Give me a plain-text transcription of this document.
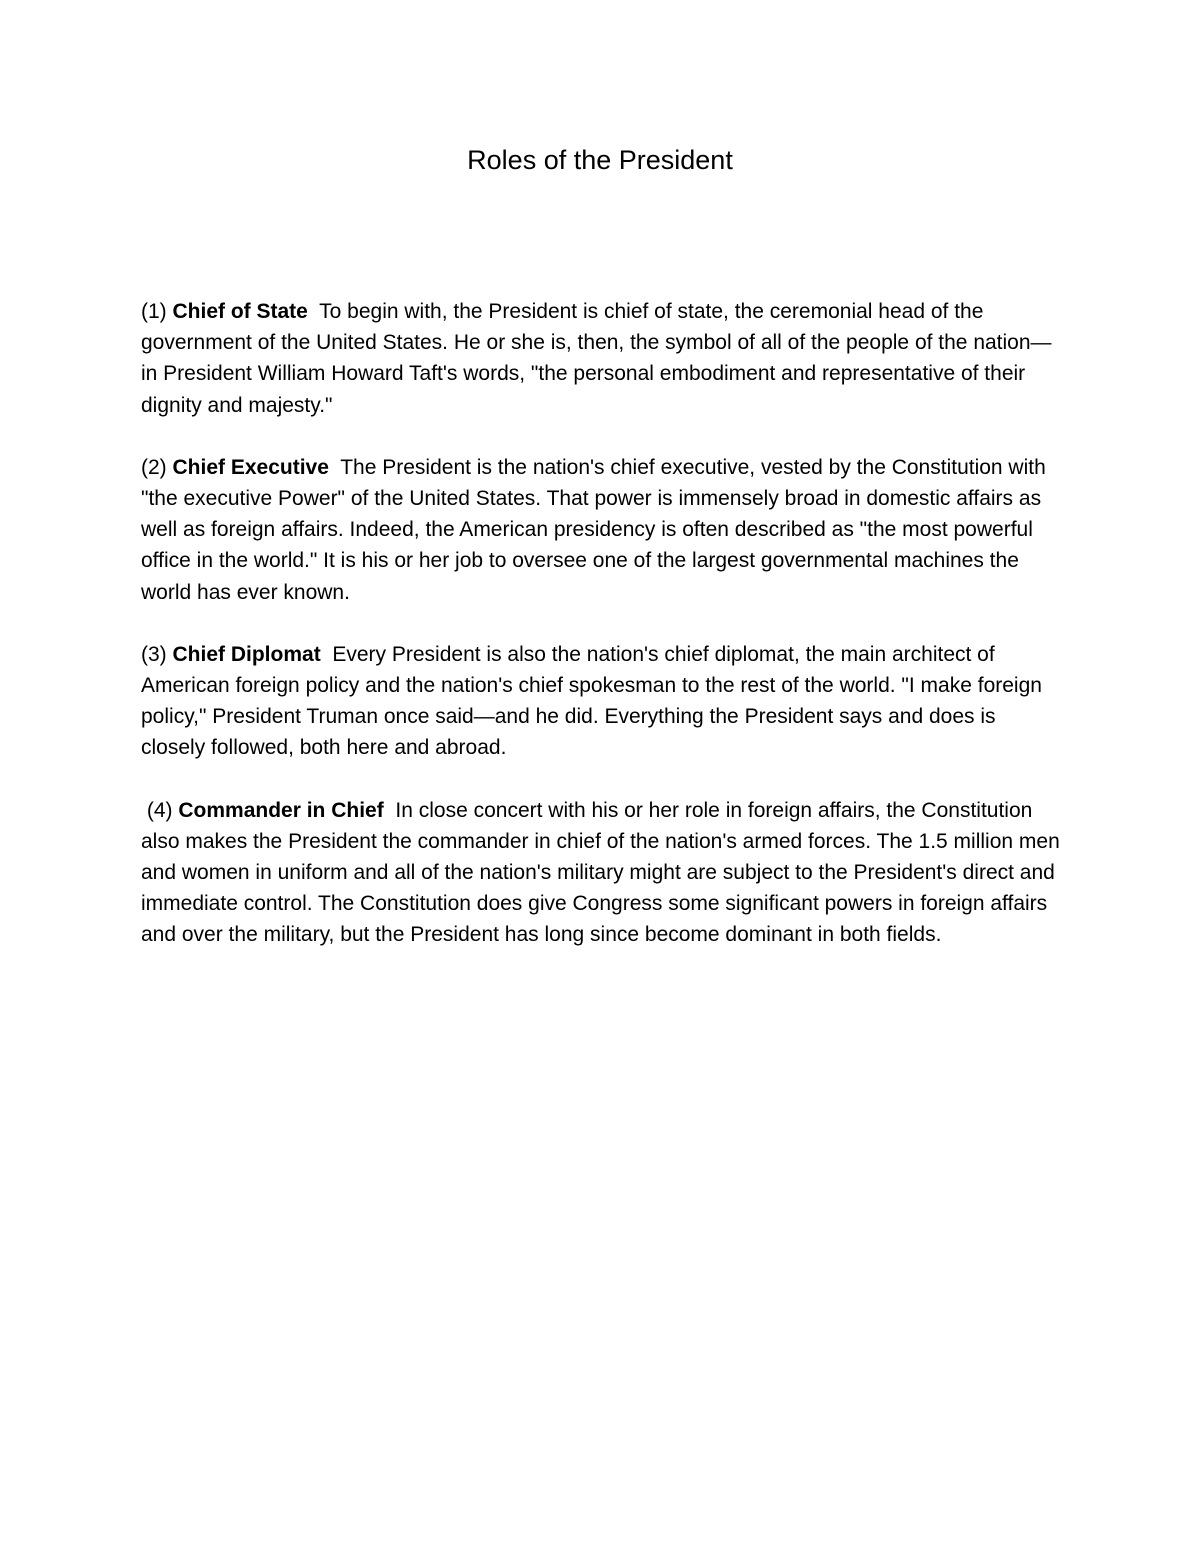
Roles of the President

(1) Chief of State To begin with, the President is chief of state, the ceremonial head of the government of the United States. He or she is, then, the symbol of all of the people of the nation—in President William Howard Taft's words, "the personal embodiment and representative of their dignity and majesty."

(2) Chief Executive The President is the nation's chief executive, vested by the Constitution with "the executive Power" of the United States. That power is immensely broad in domestic affairs as well as foreign affairs. Indeed, the American presidency is often described as "the most powerful office in the world." It is his or her job to oversee one of the largest governmental machines the world has ever known.

(3) Chief Diplomat Every President is also the nation's chief diplomat, the main architect of American foreign policy and the nation's chief spokesman to the rest of the world. "I make foreign policy," President Truman once said—and he did. Everything the President says and does is closely followed, both here and abroad.

(4) Commander in Chief In close concert with his or her role in foreign affairs, the Constitution also makes the President the commander in chief of the nation's armed forces. The 1.5 million men and women in uniform and all of the nation's military might are subject to the President's direct and immediate control. The Constitution does give Congress some significant powers in foreign affairs and over the military, but the President has long since become dominant in both fields.
